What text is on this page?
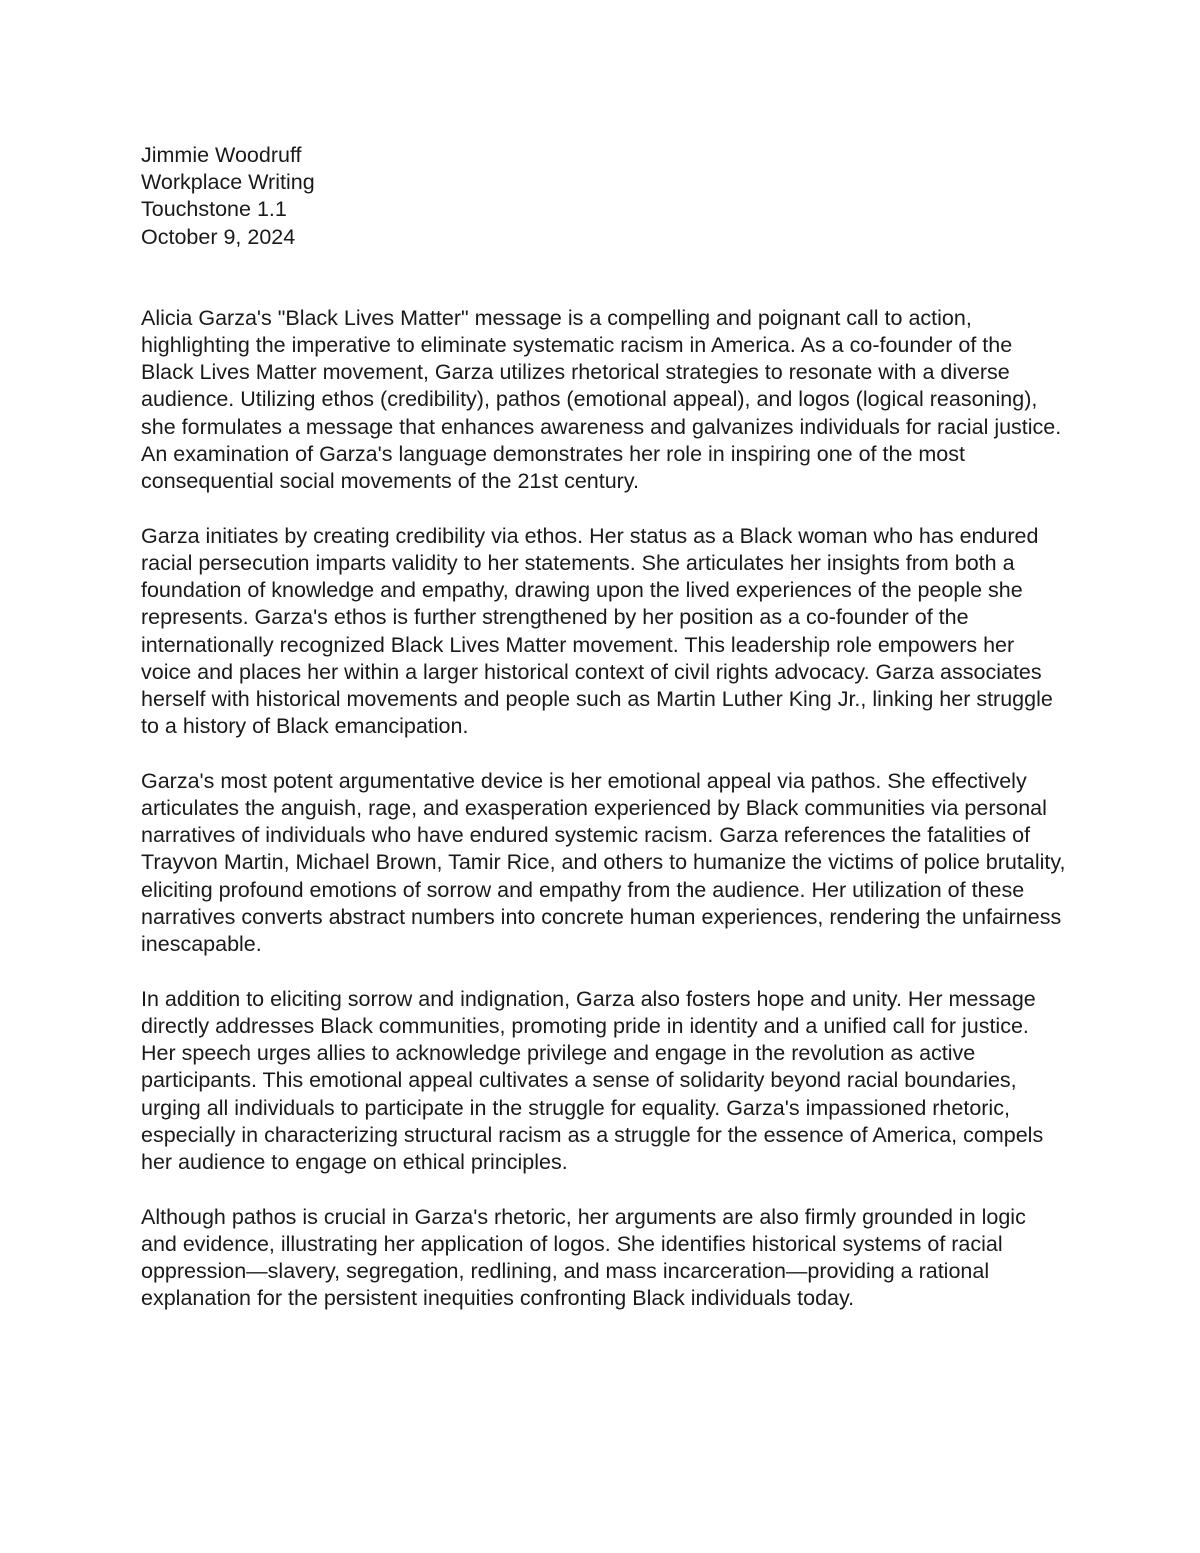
Jimmie Woodruff

Workplace Writing

Touchstone 1.1

October 9, 2024

Alicia Garza's "Black Lives Matter" message is a compelling and poignant call to action, highlighting the imperative to eliminate systematic racism in America. As a co-founder of the Black Lives Matter movement, Garza utilizes rhetorical strategies to resonate with a diverse audience. Utilizing ethos (credibility), pathos (emotional appeal), and logos (logical reasoning), she formulates a message that enhances awareness and galvanizes individuals for racial justice. An examination of Garza's language demonstrates her role in inspiring one of the most consequential social movements of the 21st century.

Garza initiates by creating credibility via ethos. Her status as a Black woman who has endured racial persecution imparts validity to her statements. She articulates her insights from both a foundation of knowledge and empathy, drawing upon the lived experiences of the people she represents. Garza's ethos is further strengthened by her position as a co-founder of the internationally recognized Black Lives Matter movement. This leadership role empowers her voice and places her within a larger historical context of civil rights advocacy. Garza associates herself with historical movements and people such as Martin Luther King Jr., linking her struggle to a history of Black emancipation.

Garza's most potent argumentative device is her emotional appeal via pathos. She effectively articulates the anguish, rage, and exasperation experienced by Black communities via personal narratives of individuals who have endured systemic racism. Garza references the fatalities of Trayvon Martin, Michael Brown, Tamir Rice, and others to humanize the victims of police brutality, eliciting profound emotions of sorrow and empathy from the audience. Her utilization of these narratives converts abstract numbers into concrete human experiences, rendering the unfairness inescapable.

In addition to eliciting sorrow and indignation, Garza also fosters hope and unity. Her message directly addresses Black communities, promoting pride in identity and a unified call for justice. Her speech urges allies to acknowledge privilege and engage in the revolution as active participants. This emotional appeal cultivates a sense of solidarity beyond racial boundaries, urging all individuals to participate in the struggle for equality. Garza's impassioned rhetoric, especially in characterizing structural racism as a struggle for the essence of America, compels her audience to engage on ethical principles.

Although pathos is crucial in Garza's rhetoric, her arguments are also firmly grounded in logic and evidence, illustrating her application of logos. She identifies historical systems of racial oppression—slavery, segregation, redlining, and mass incarceration—providing a rational explanation for the persistent inequities confronting Black individuals today.
